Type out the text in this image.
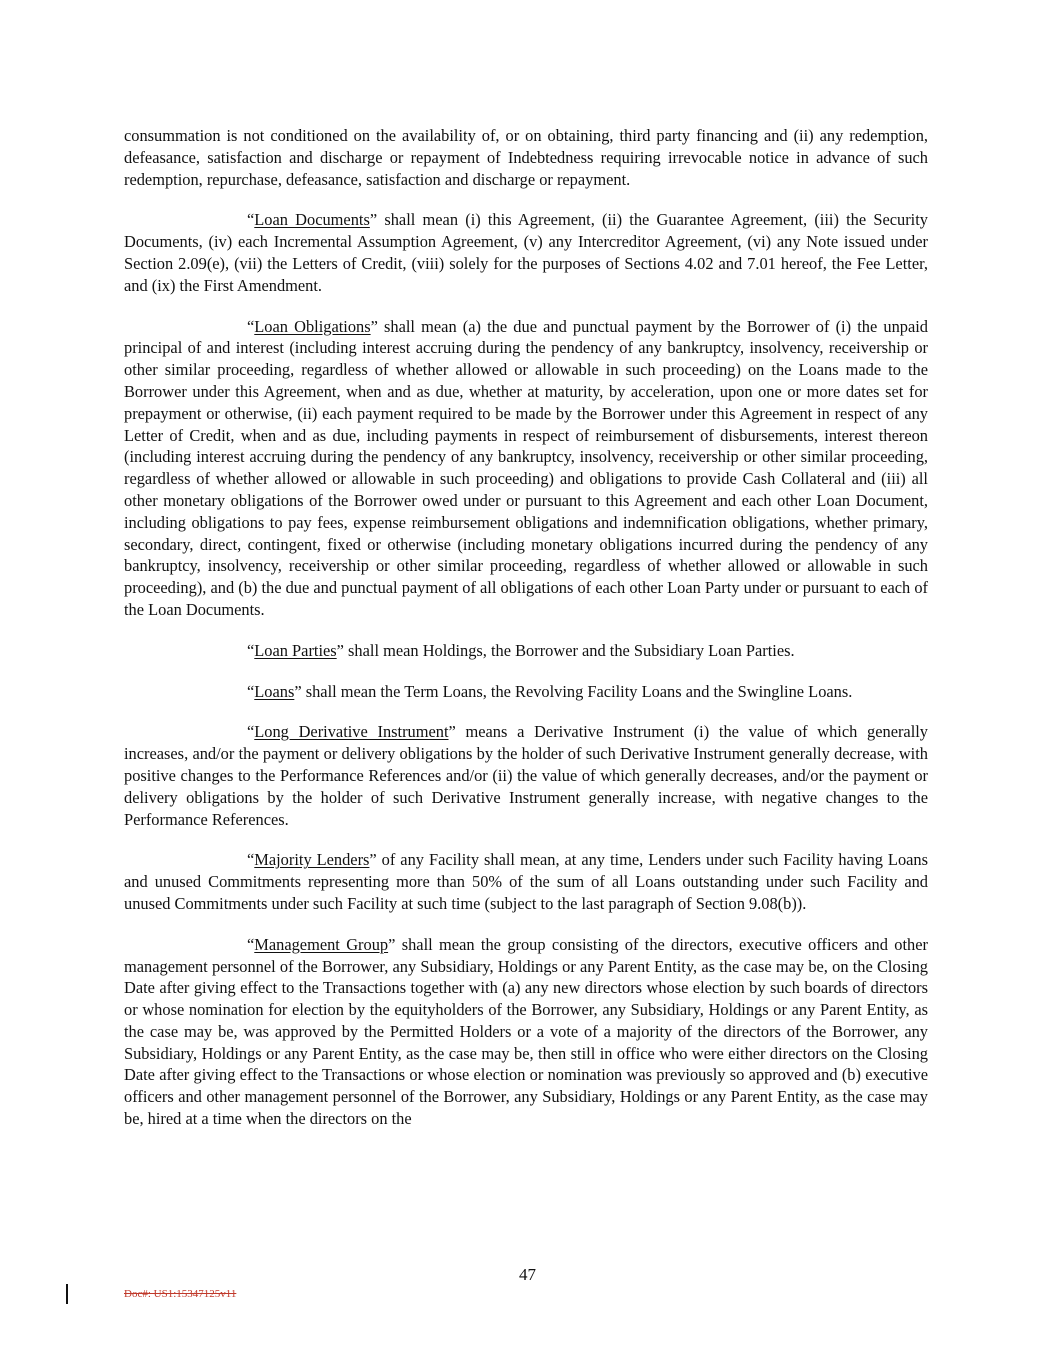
consummation is not conditioned on the availability of, or on obtaining, third party financing and (ii) any redemption, defeasance, satisfaction and discharge or repayment of Indebtedness requiring irrevocable notice in advance of such redemption, repurchase, defeasance, satisfaction and discharge or repayment.

“Loan Documents” shall mean (i) this Agreement, (ii) the Guarantee Agreement, (iii) the Security Documents, (iv) each Incremental Assumption Agreement, (v) any Intercreditor Agreement, (vi) any Note issued under Section 2.09(e), (vii) the Letters of Credit, (viii) solely for the purposes of Sections 4.02 and 7.01 hereof, the Fee Letter, and (ix) the First Amendment.

“Loan Obligations” shall mean (a) the due and punctual payment by the Borrower of (i) the unpaid principal of and interest (including interest accruing during the pendency of any bankruptcy, insolvency, receivership or other similar proceeding, regardless of whether allowed or allowable in such proceeding) on the Loans made to the Borrower under this Agreement, when and as due, whether at maturity, by acceleration, upon one or more dates set for prepayment or otherwise, (ii) each payment required to be made by the Borrower under this Agreement in respect of any Letter of Credit, when and as due, including payments in respect of reimbursement of disbursements, interest thereon (including interest accruing during the pendency of any bankruptcy, insolvency, receivership or other similar proceeding, regardless of whether allowed or allowable in such proceeding) and obligations to provide Cash Collateral and (iii) all other monetary obligations of the Borrower owed under or pursuant to this Agreement and each other Loan Document, including obligations to pay fees, expense reimbursement obligations and indemnification obligations, whether primary, secondary, direct, contingent, fixed or otherwise (including monetary obligations incurred during the pendency of any bankruptcy, insolvency, receivership or other similar proceeding, regardless of whether allowed or allowable in such proceeding), and (b) the due and punctual payment of all obligations of each other Loan Party under or pursuant to each of the Loan Documents.

“Loan Parties” shall mean Holdings, the Borrower and the Subsidiary Loan Parties.

“Loans” shall mean the Term Loans, the Revolving Facility Loans and the Swingline Loans.

“Long Derivative Instrument” means a Derivative Instrument (i) the value of which generally increases, and/or the payment or delivery obligations by the holder of such Derivative Instrument generally decrease, with positive changes to the Performance References and/or (ii) the value of which generally decreases, and/or the payment or delivery obligations by the holder of such Derivative Instrument generally increase, with negative changes to the Performance References.

“Majority Lenders” of any Facility shall mean, at any time, Lenders under such Facility having Loans and unused Commitments representing more than 50% of the sum of all Loans outstanding under such Facility and unused Commitments under such Facility at such time (subject to the last paragraph of Section 9.08(b)).

“Management Group” shall mean the group consisting of the directors, executive officers and other management personnel of the Borrower, any Subsidiary, Holdings or any Parent Entity, as the case may be, on the Closing Date after giving effect to the Transactions together with (a) any new directors whose election by such boards of directors or whose nomination for election by the equityholders of the Borrower, any Subsidiary, Holdings or any Parent Entity, as the case may be, was approved by the Permitted Holders or a vote of a majority of the directors of the Borrower, any Subsidiary, Holdings or any Parent Entity, as the case may be, then still in office who were either directors on the Closing Date after giving effect to the Transactions or whose election or nomination was previously so approved and (b) executive officers and other management personnel of the Borrower, any Subsidiary, Holdings or any Parent Entity, as the case may be, hired at a time when the directors on the

47
Doc#: US1:15347125v11
